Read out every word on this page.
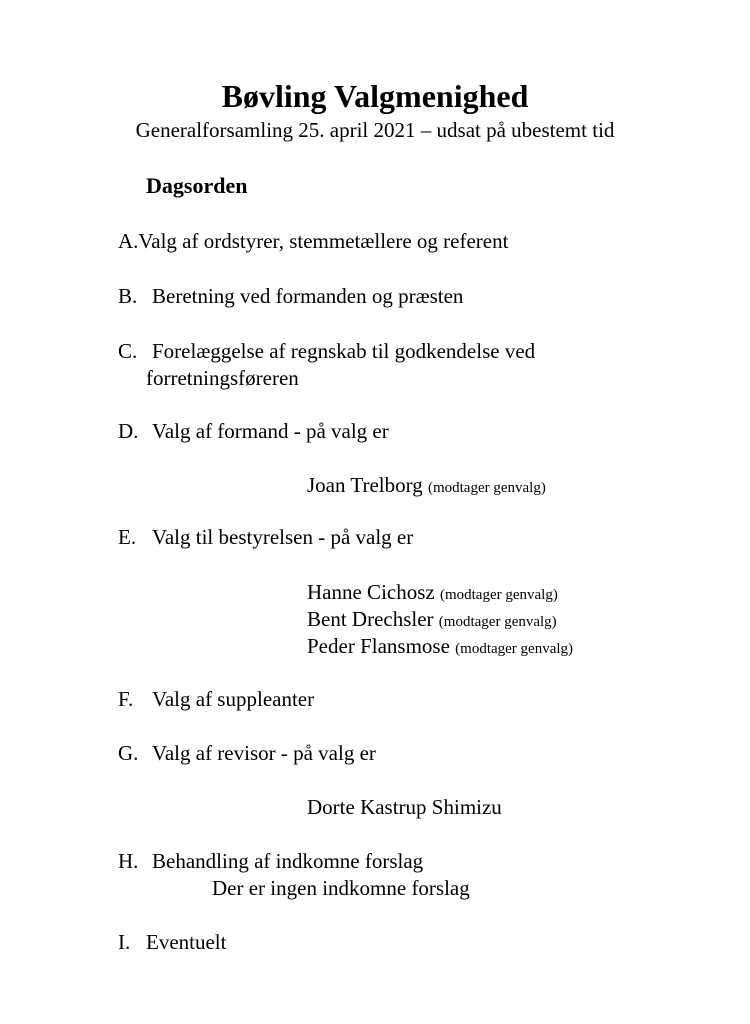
Bøvling Valgmenighed
Generalforsamling 25. april 2021 – udsat på ubestemt tid
Dagsorden
A.Valg af ordstyrer, stemmetællere og referent
B. Beretning ved formanden og præsten
C. Forelæggelse af regnskab til godkendelse ved
forretningsføreren
D. Valg af formand - på valg er
Joan Trelborg (modtager genvalg)
E. Valg til bestyrelsen - på valg er
Hanne Cichosz (modtager genvalg)
Bent Drechsler (modtager genvalg)
Peder Flansmose (modtager genvalg)
F. Valg af suppleanter
G. Valg af revisor - på valg er
Dorte Kastrup Shimizu
H. Behandling af indkomne forslag
Der er ingen indkomne forslag
I. Eventuelt
